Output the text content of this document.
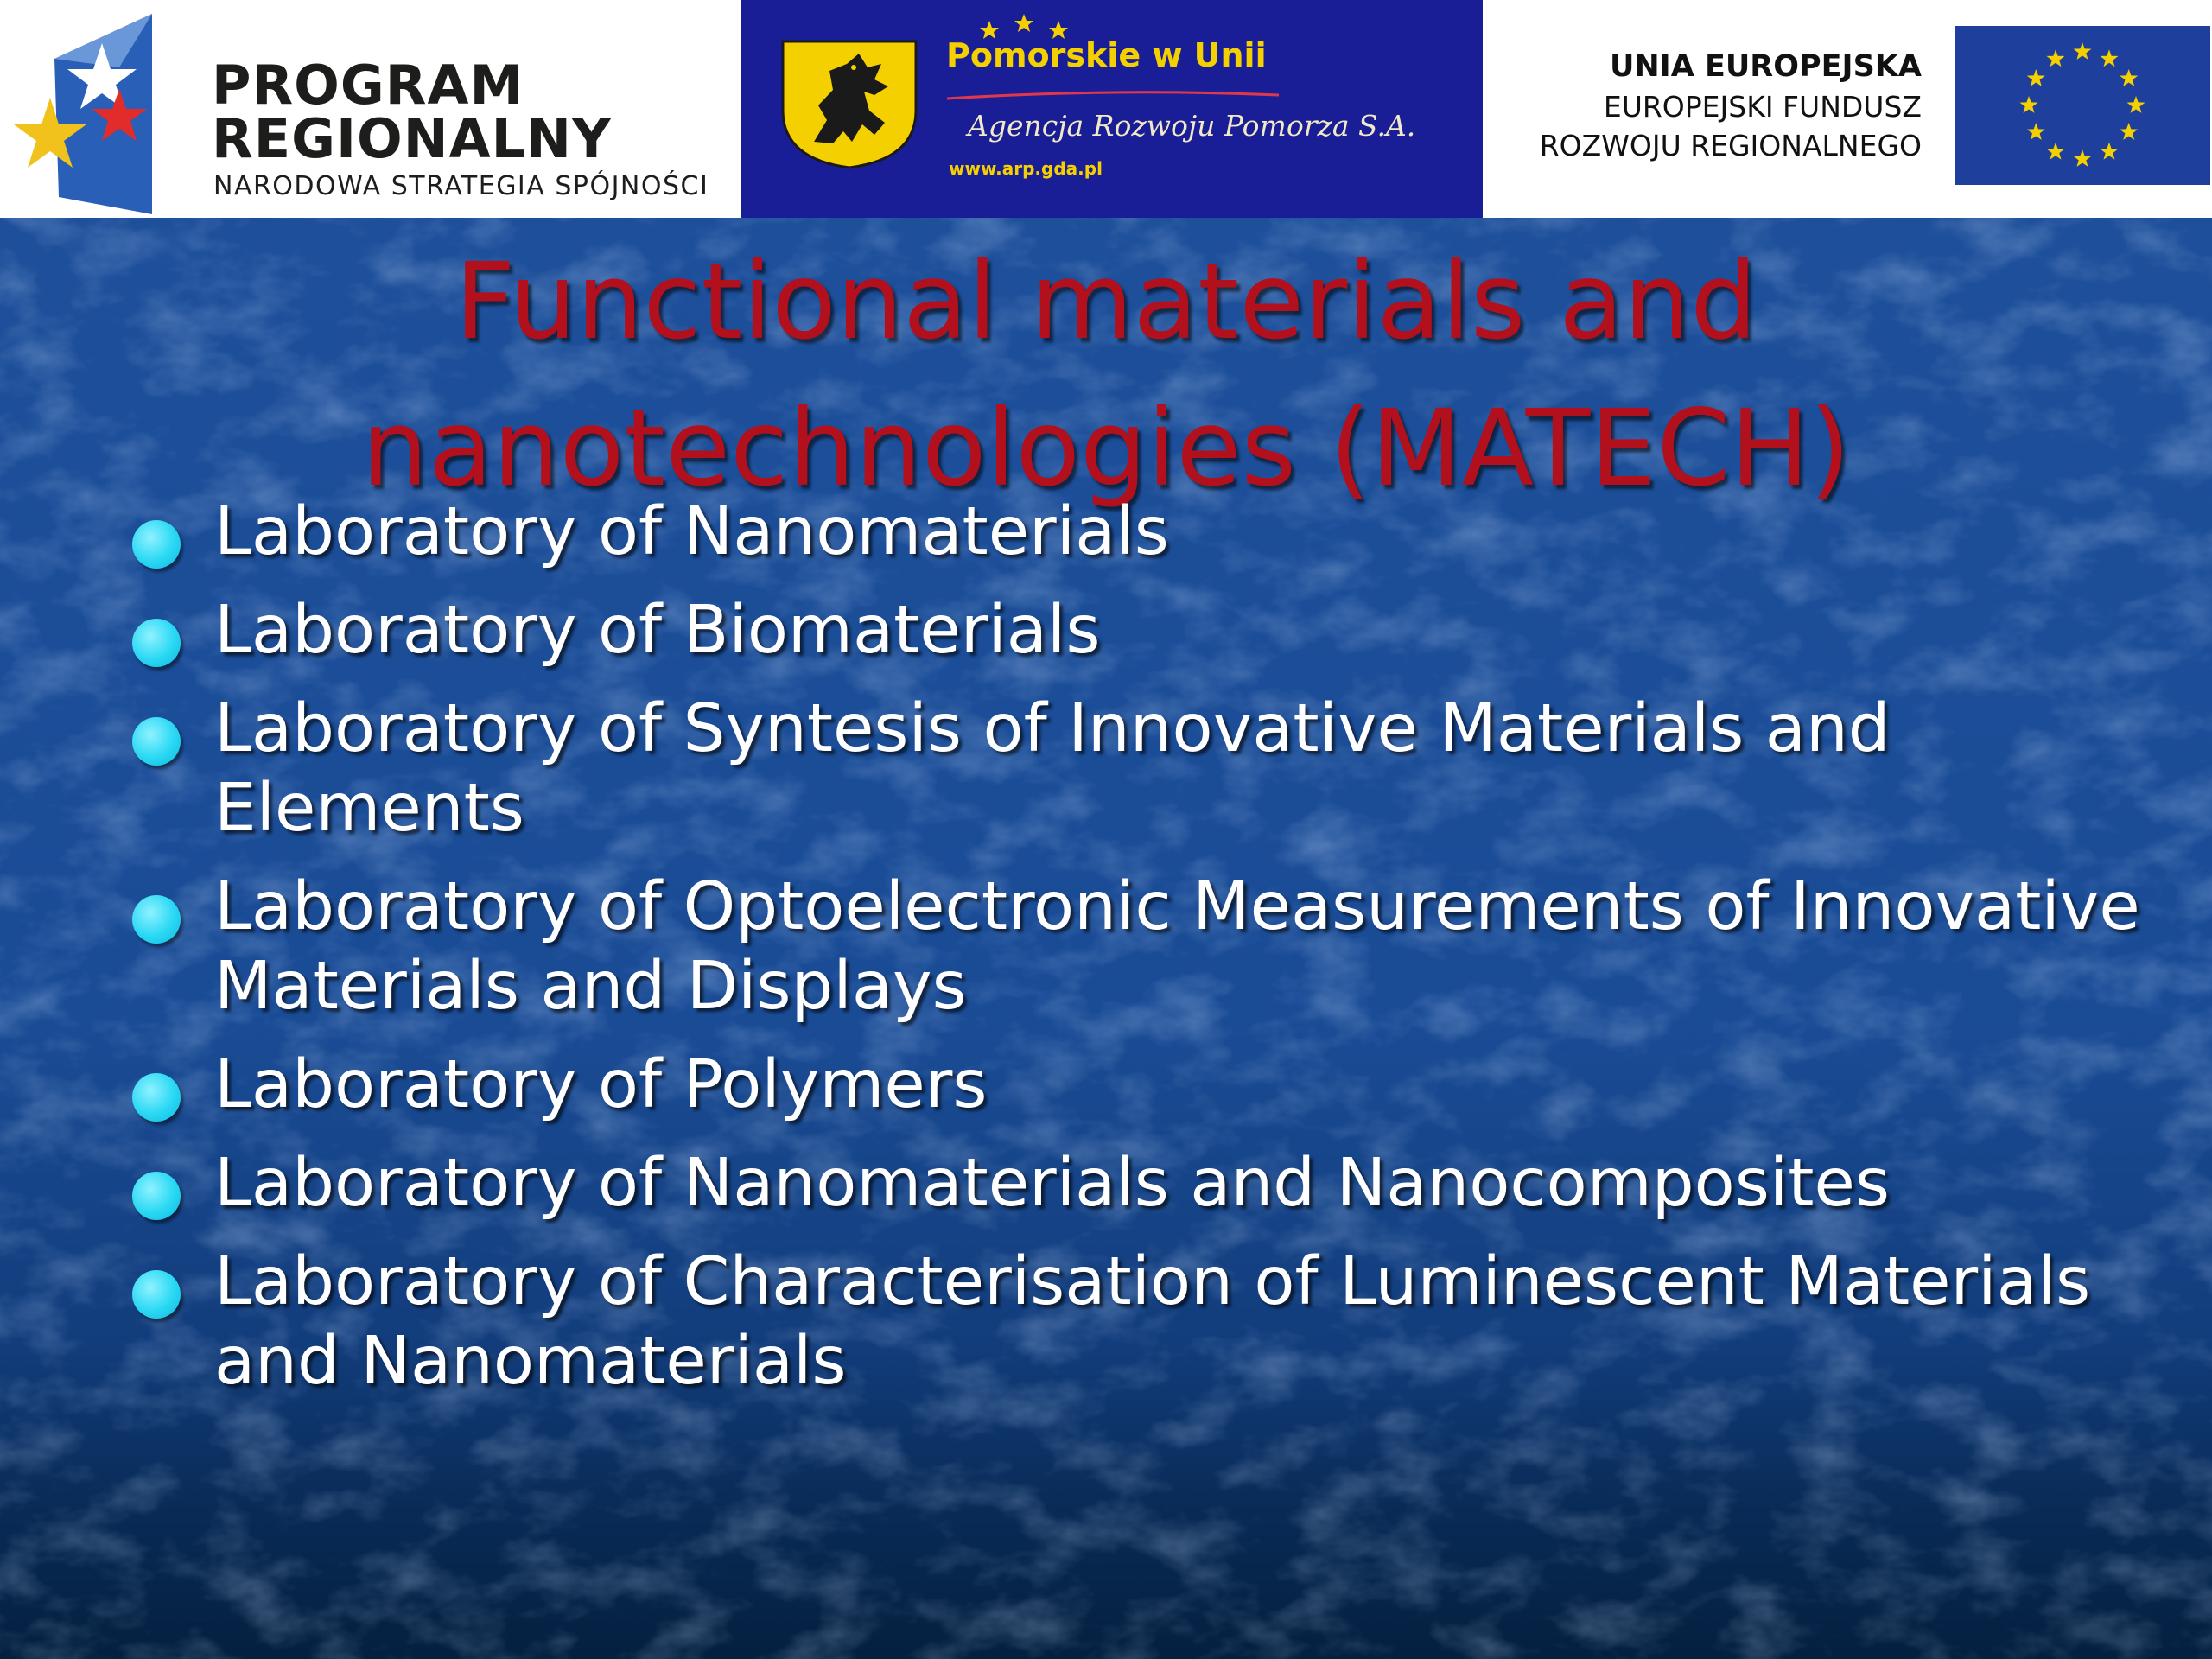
PROGRAM
REGIONALNY
NARODOWA STRATEGIA SPÓJNOŚCI
Pomorskie w Unii
Agencja Rozwoju Pomorza S.A.
www.arp.gda.pl
UNIA EUROPEJSKA
EUROPEJSKI FUNDUSZ
ROZWOJU REGIONALNEGO
Functional materials and
nanotechnologies (MATECH)
Laboratory of Nanomaterials
Laboratory of Biomaterials
Laboratory of Syntesis of Innovative Materials and Elements
Laboratory of Optoelectronic Measurements of Innovative Materials and Displays
Laboratory of Polymers
Laboratory of Nanomaterials and Nanocomposites
Laboratory of Characterisation of Luminescent Materials and Nanomaterials
